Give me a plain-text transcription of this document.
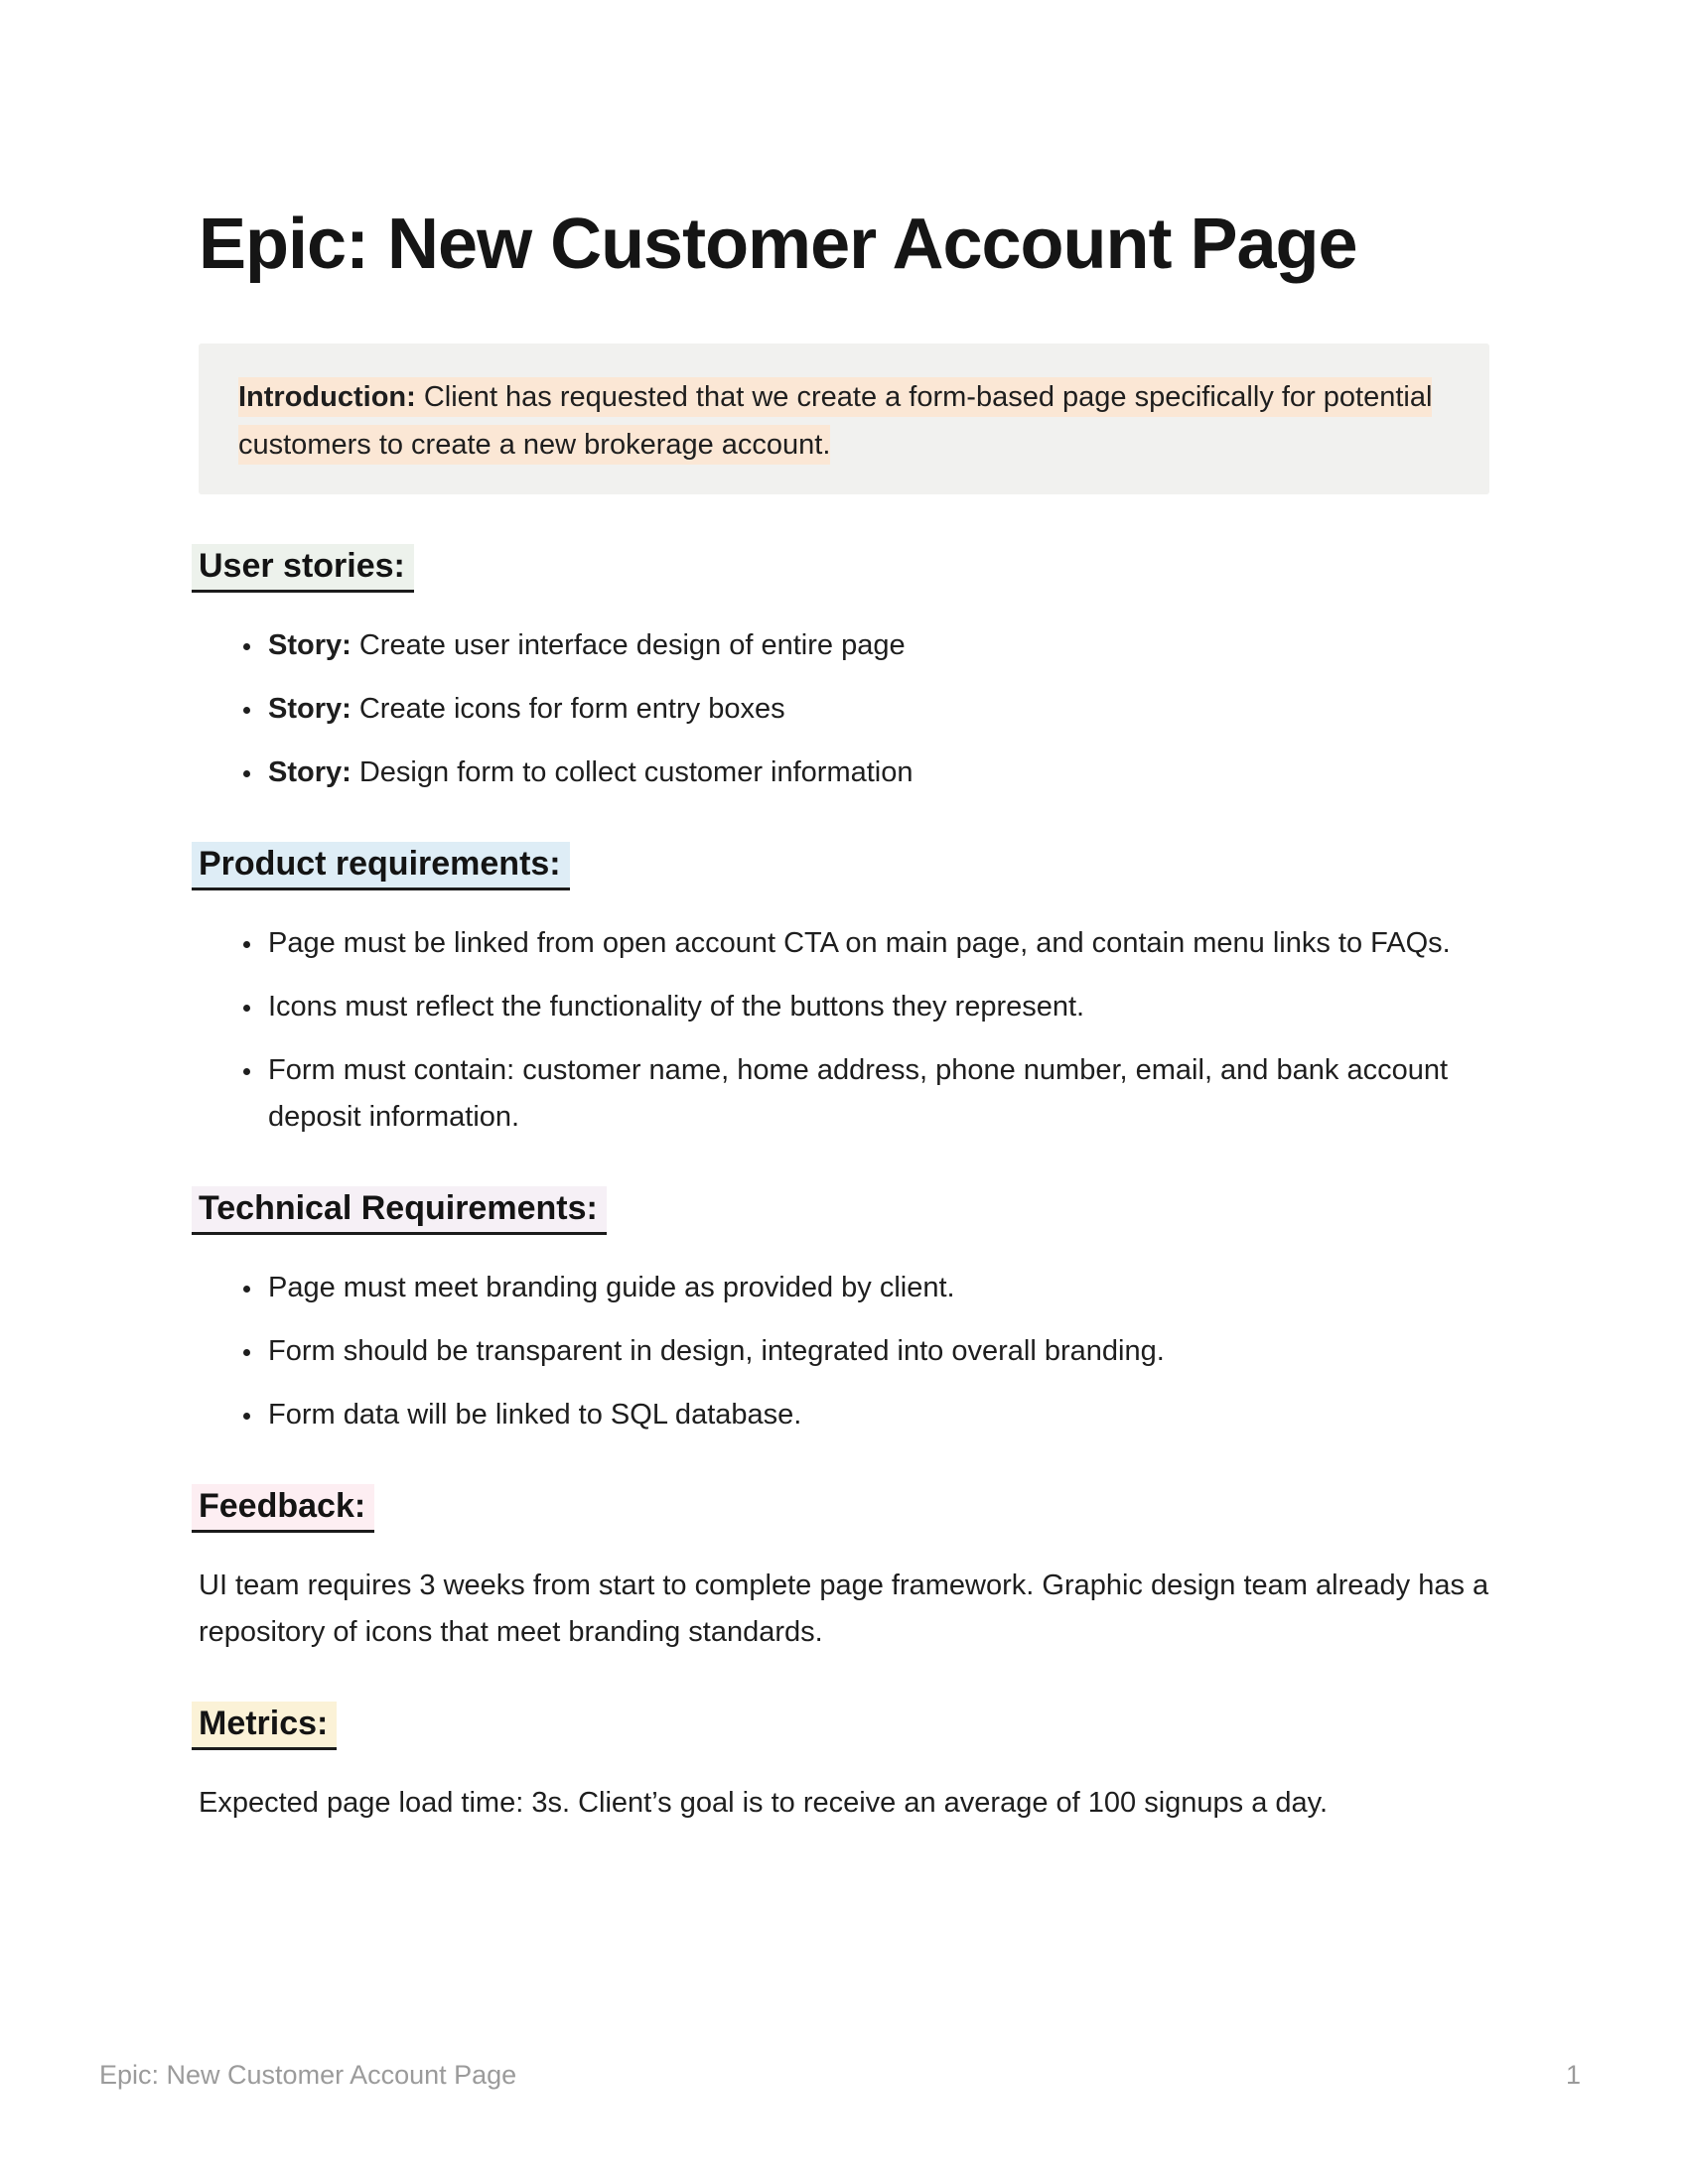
Epic: New Customer Account Page
Introduction: Client has requested that we create a form-based page specifically for potential customers to create a new brokerage account.
User stories:
• Story: Create user interface design of entire page
• Story: Create icons for form entry boxes
• Story: Design form to collect customer information
Product requirements:
• Page must be linked from open account CTA on main page, and contain menu links to FAQs.
• Icons must reflect the functionality of the buttons they represent.
• Form must contain: customer name, home address, phone number, email, and bank account deposit information.
Technical Requirements:
• Page must meet branding guide as provided by client.
• Form should be transparent in design, integrated into overall branding.
• Form data will be linked to SQL database.
Feedback:

UI team requires 3 weeks from start to complete page framework. Graphic design team already has a repository of icons that meet branding standards.

Metrics:

Expected page load time: 3s. Client’s goal is to receive an average of 100 signups a day.

Epic: New Customer Account Page	1
